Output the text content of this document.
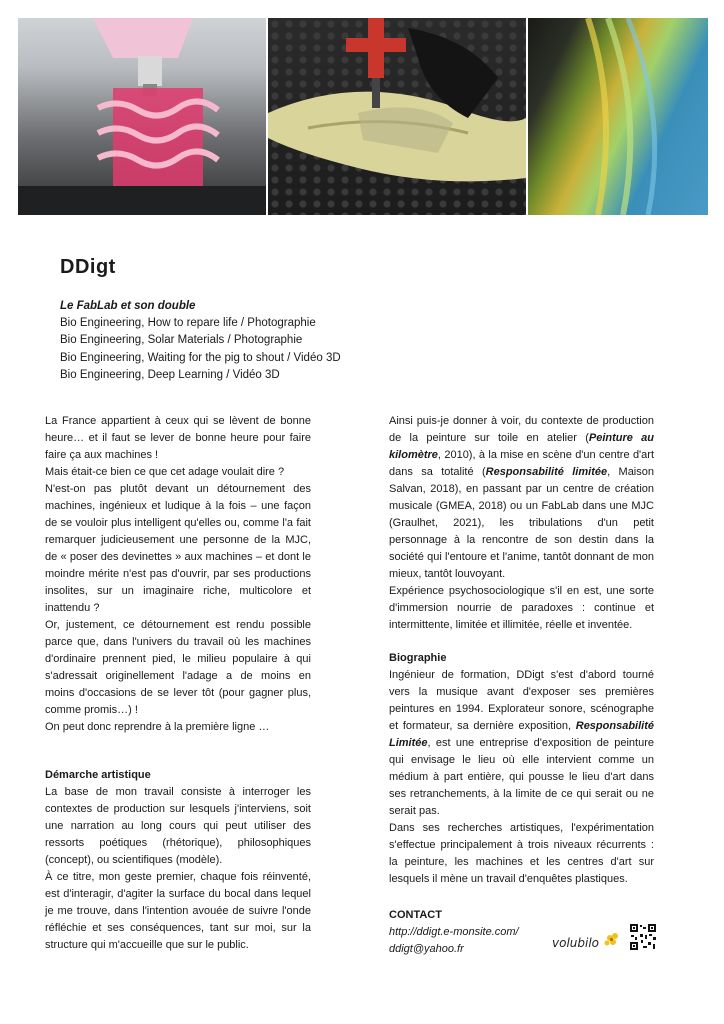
DDigt
Le FabLab et son double
Bio Engineering, How to repare life / Photographie
Bio Engineering, Solar Materials / Photographie
Bio Engineering, Waiting for the pig to shout / Vidéo 3D
Bio Engineering, Deep Learning / Vidéo 3D

La France appartient à ceux qui se lèvent de bonne heure… et il faut se lever de bonne heure pour faire faire ça aux machines !

Mais était-ce bien ce que cet adage voulait dire ?

N'est-on pas plutôt devant un détournement des machines, ingénieux et ludique à la fois – une façon de se vouloir plus intelligent qu'elles ou, comme l'a fait remarquer judicieusement une personne de la MJC, de « poser des devinettes » aux machines – et dont le moindre mérite n'est pas d'ouvrir, par ses productions insolites, sur un imaginaire riche, multicolore et inattendu ?

Or, justement, ce détournement est rendu possible parce que, dans l'univers du travail où les machines d'ordinaire prennent pied, le milieu populaire à qui s'adressait originellement l'adage a de moins en moins d'occasions de se lever tôt (pour gagner plus, comme promis…) !

On peut donc reprendre à la première ligne …

Démarche artistique

La base de mon travail consiste à interroger les contextes de production sur lesquels j'interviens, soit une narration au long cours qui peut utiliser des ressorts poétiques (rhétorique), philosophiques (concept), ou scientifiques (modèle).

À ce titre, mon geste premier, chaque fois réinventé, est d'interagir, d'agiter la surface du bocal dans lequel je me trouve, dans l'intention avouée de suivre l'onde réfléchie et ses conséquences, tant sur moi, sur la structure qui m'accueille que sur le public.

Ainsi puis-je donner à voir, du contexte de production de la peinture sur toile en atelier (Peinture au kilomètre, 2010), à la mise en scène d'un centre d'art dans sa totalité (Responsabilité limitée, Maison Salvan, 2018), en passant par un centre de création musicale (GMEA, 2018) ou un FabLab dans une MJC (Graulhet, 2021), les tribulations d'un petit personnage à la rencontre de son destin dans la société qui l'entoure et l'anime, tantôt donnant de mon mieux, tantôt louvoyant.

Expérience psychosociologique s'il en est, une sorte d'immersion nourrie de paradoxes : continue et intermittente, limitée et illimitée, réelle et inventée.

Biographie

Ingénieur de formation, DDigt s'est d'abord tourné vers la musique avant d'exposer ses premières peintures en 1994. Explorateur sonore, scénographe et formateur, sa dernière exposition, Responsabilité Limitée, est une entreprise d'exposition de peinture qui envisage le lieu où elle intervient comme un médium à part entière, qui pousse le lieu d'art dans ses retranchements, à la limite de ce qui serait ou ne serait pas.

Dans ses recherches artistiques, l'expérimentation s'effectue principalement à trois niveaux récurrents : la peinture, les machines et les centres d'art sur lesquels il mène un travail d'enquêtes plastiques.

CONTACT
http://ddigt.e-monsite.com/
ddigt@yahoo.fr	volubilo
